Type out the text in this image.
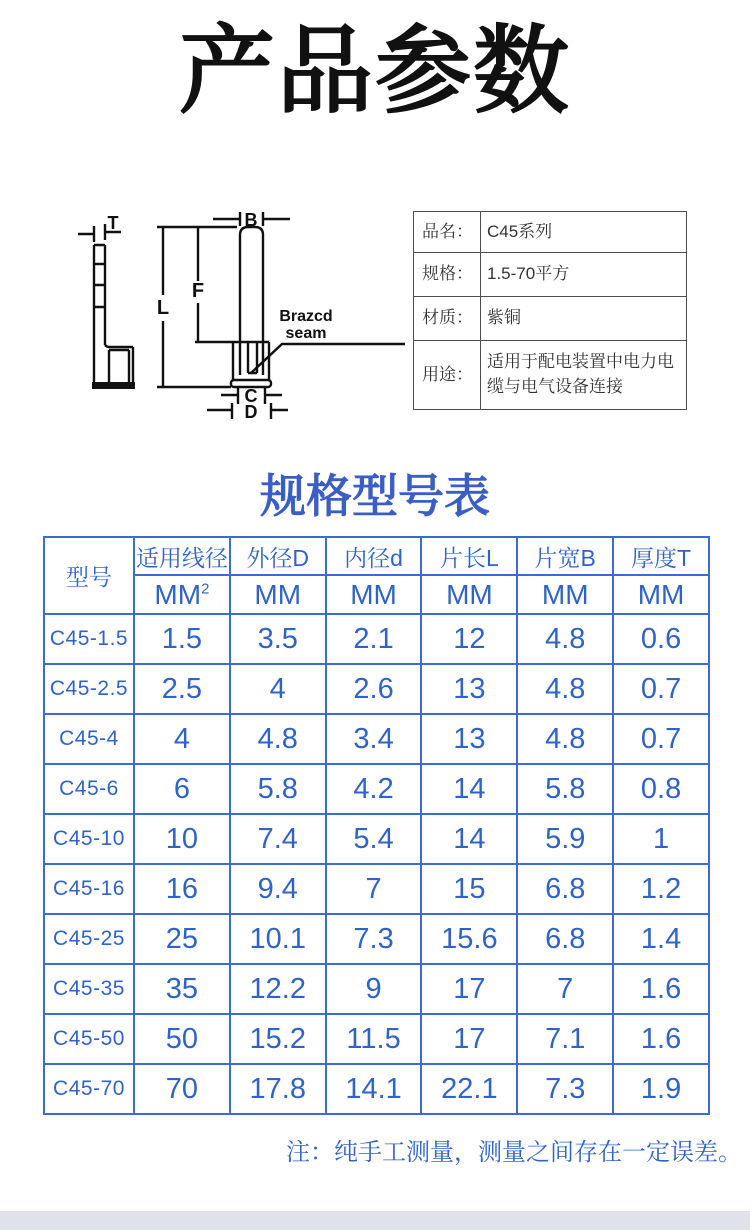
产品参数
T	B
L
F
Brazcd
seam
C
D
品名：	C45系列
规格：	1.5-70平方
材质：	紫铜
用途：	适用于配电装置中电力电缆与电气设备连接
规格型号表
型号	适用线径	外径D	内径d	片长L	片宽B	厚度T
	$MM^2$	MM	MM	MM	MM	MM
C45-1.5	1.5	3.5	2.1	12	4.8	0.6
C45-2.5	2.5	4	2.6	13	4.8	0.7
C45-4	4	4.8	3.4	13	4.8	0.7
C45-6	6	5.8	4.2	14	5.8	0.8
C45-10	10	7.4	5.4	14	5.9	1
C45-16	16	9.4	7	15	6.8	1.2
C45-25	25	10.1	7.3	15.6	6.8	1.4
C45-35	35	12.2	9	17	7	1.6
C45-50	50	15.2	11.5	17	7.1	1.6
C45-70	70	17.8	14.1	22.1	7.3	1.9
注：纯手工测量，测量之间存在一定误差。
